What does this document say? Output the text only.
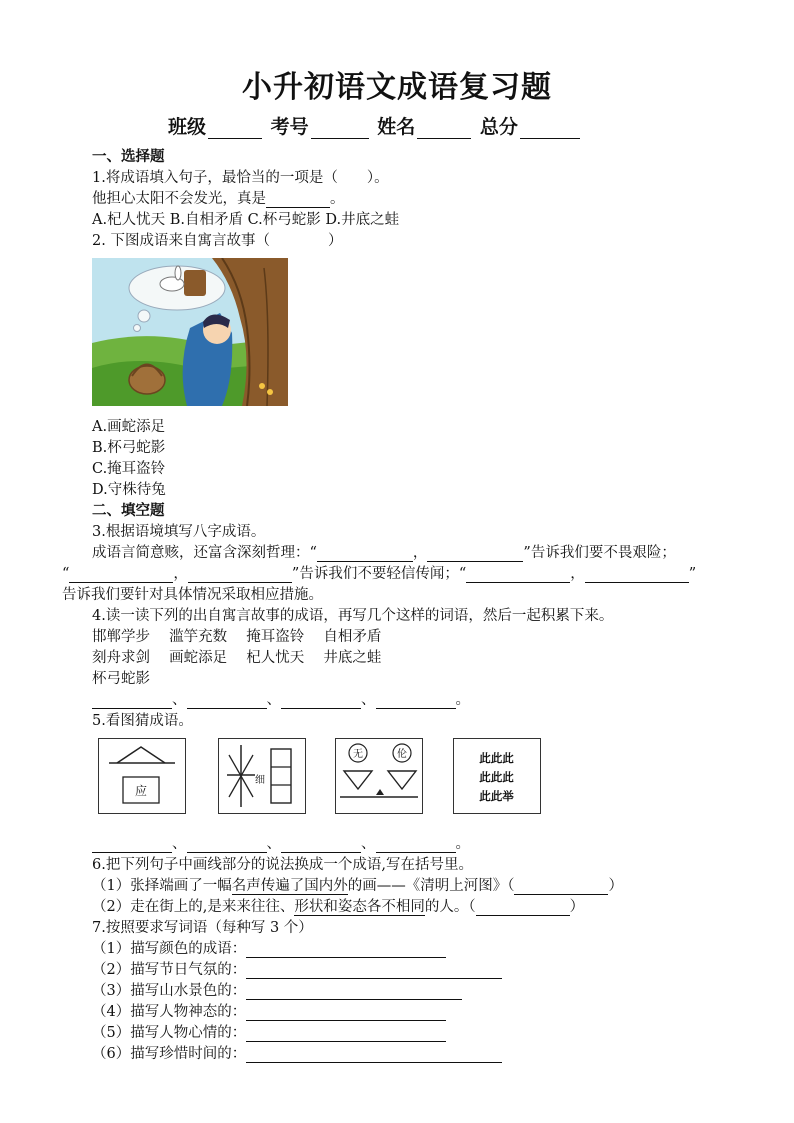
小升初语文成语复习题
班级	考号	姓名	总分
一、选择题
1.将成语填入句子，最恰当的一项是（　　）。
他担心太阳不会发光，真是	。
A.杞人忧天 B.自相矛盾 C.杯弓蛇影 D.井底之蛙
2. 下图成语来自寓言故事（　　　　）
A.画蛇添足
B.杯弓蛇影
C.掩耳盗铃
D.守株待兔
二、填空题
3.根据语境填写八字成语。
成语言简意赅，还富含深刻哲理：“	，	”告诉我们要不畏艰险；
“	，	”告诉我们不要轻信传闻；“	，	”
告诉我们要针对具体情况采取相应措施。
4.读一读下列的出自寓言故事的成语，再写几个这样的词语，然后一起积累下来。
邯郸学步　 滥竽充数　 掩耳盗铃　 自相矛盾
刻舟求剑　 画蛇添足　 杞人忧天　 井底之蛙
杯弓蛇影
、	、	、	。
5.看图猜成语。
应
细
无	伦	此此此
此此此
此此举
、	、	、	。
6.把下列句子中画线部分的说法换成一个成语,写在括号里。
（1）张择端画了一幅名声传遍了国内外的画——《清明上河图》（	）
（2）走在街上的,是来来往往、形状和姿态各不相同的人。（	）
7.按照要求写词语（每种写 3 个）
（1）描写颜色的成语：
（2）描写节日气氛的：
（3）描写山水景色的：
（4）描写人物神态的：
（5）描写人物心情的：
（6）描写珍惜时间的：
